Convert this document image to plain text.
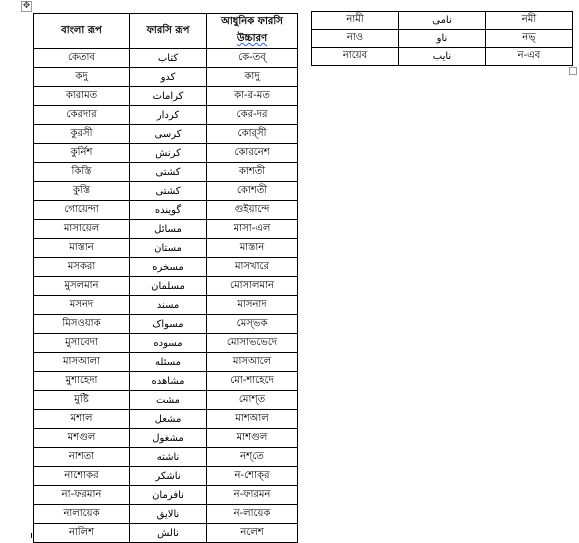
✥
বাংলা রূপ	ফারসি রূপ	আধুনিক ফারসি
উচ্চারণ
কেতাব	کتاب	কে-তব্
কদু	کدو	কাদু
কারামত	کرامات	কা-র-মত
কেরদার	کردار	কের-দর
কুরসী	کرسی	কোর্‌সী
কুর্নিশ	کرنش	কোরনেশ
কিস্তি	کشتی	কাশতী
কুস্তি	کشتی	কোশতী
গোয়েন্দা	گوینده	গুইয়ান্দে
মাসায়েল	مسائل	মাসা-এল
মাস্তান	مستان	মাস্তান
মসকরা	مسخره	মাসখারে
মুসলমান	مسلمان	মোসালমান
মসনদ	مسند	মাসনাদ
মিসওয়াক	مسواک	মেস্‌ভক
মুসাবেদা	مسوده	মোসাভভেদে
মাসআলা	مسئله	মাসআলে
মুশাহেদা	مشاهده	মো-শাহেদে
মুষ্টি	مشت	মোশ্‌ত
মশাল	مشعل	মাশআল
মশগুল	مشغول	মাশগুল
নাশতা	ناشته	নশ্‌তে
নাশোকর	ناشکر	ন-শোক্‌র
না-ফরমান	نافرمان	ন-ফারমন
নালায়েক	نالایق	ন-লায়েক
নালিশ	نالش	নলেশ
নামী	نامی	নমী
নাও	ناو	নভ্
নায়েব	نایب	ন-এব
